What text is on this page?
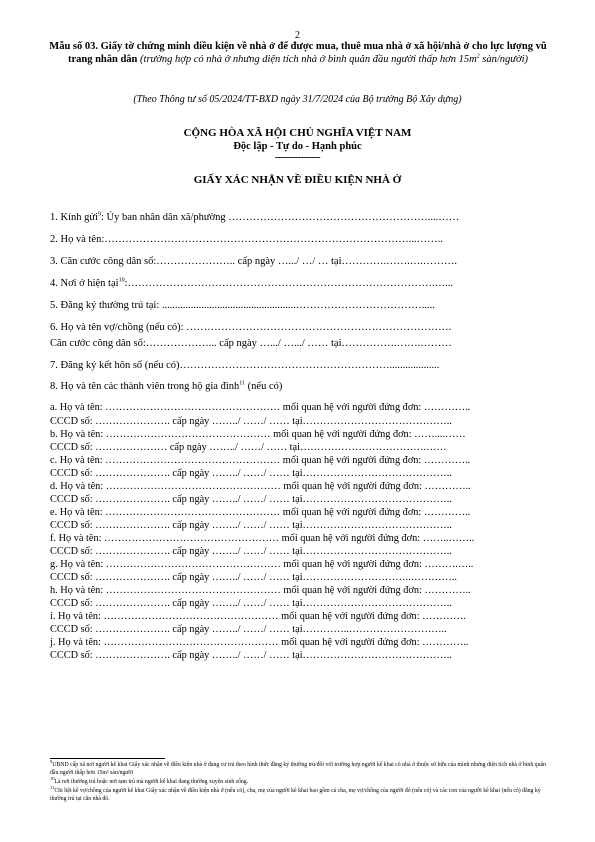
2
Mẫu số 03. Giấy tờ chứng minh điều kiện về nhà ở để được mua, thuê mua nhà ở xã hội/nhà ở cho lực lượng vũ trang nhân dân (trường hợp có nhà ở nhưng diện tích nhà ở bình quân đầu người thấp hơn $15m^2$ sàn/người)
(Theo Thông tư số 05/2024/TT-BXD ngày 31/7/2024 của Bộ trưởng Bộ Xây dựng)
CỘNG HÒA XÃ HỘI CHỦ NGHĨA VIỆT NAM
Độc lập - Tự do - Hạnh phúc
----------------
GIẤY XÁC NHẬN VỀ ĐIỀU KIỆN NHÀ Ở
1. Kính gửi$^9$: Ủy ban nhân dân xã/phường …………………………………………………....……
2. Họ và tên:……………………………………………………………………………...……..
3. Căn cước công dân số:………………….. cấp ngày ….../ …/ … tại………….…….….……….
4. Nơi ở hiện tại$^{10}$:…………………………………………………………………………….…...
5. Đăng ký thường trú tại: ...................................................……………………………….....
6. Họ và tên vợ/chồng (nếu có): ………………………………………………………………….
Căn cước công dân số:………………... cấp ngày ….../ ….../ …… tại…………….…….………
7. Đăng ký kết hôn số (nếu có)……………………………………………………...................
8. Họ và tên các thành viên trong hộ gia đình$^{11}$ (nếu có)
a. Họ và tên: …………………………………………… mối quan hệ với người đứng đơn: …………..
CCCD số: …………………. cấp ngày ……../ ……/ …… tại……………………………………..
b. Họ và tên: ………………………………………… mối quan hệ với người đứng đơn: ……....……
CCCD số: ………………… cấp ngày ……../ ……/ …… tại……………………………….……
c. Họ và tên: …………………………………………… mối quan hệ với người đứng đơn: …………..
CCCD số: …………………. cấp ngày ……../ ……/ …… tại……………………………………..
d. Họ và tên: …………………………………………… mối quan hệ với người đứng đơn: …………..
CCCD số: …………………. cấp ngày ……../ ……/ …… tại……………………………………..
e. Họ và tên: …………………………………………… mối quan hệ với người đứng đơn: …………..
CCCD số: …………………. cấp ngày ……../ ……/ …… tại……………………………………..
f. Họ và tên: …………………………………………… mối quan hệ với người đứng đơn: ……..……..
CCCD số: …………………. cấp ngày ……../ ……/ …… tại……………………………………..
g. Họ và tên: …………………………………………… mối quan hệ với người đứng đơn: ……….…..
CCCD số: …………………. cấp ngày ……../ ……/ …… tại…………………………..…………..
h. Họ và tên: …………………………………………… mối quan hệ với người đứng đơn: …………..
CCCD số: …………………. cấp ngày ……../ ……/ …… tại……………………………………..
i. Họ và tên: …………………………………………… mối quan hệ với người đứng đơn: ………….
CCCD số: …………………. cấp ngày ……../ ……/ …… tại…………..………………………..
j. Họ và tên: …………………………………………… mối quan hệ với người đứng đơn: …………..
CCCD số: …………………. cấp ngày ……../ ……/ …… tại……………………………………..
$^9$UBND cấp xã nơi người kê khai Giấy xác nhận về điều kiện nhà ở đang cư trú theo hình thức đăng ký thường trú/đối với trường hợp người kê khai có nhà ở thuộc sở hữu của mình nhưng diện tích nhà ở bình quân đầu người thấp hơn 15m² sàn/người
$^{10}$Là nơi thường trú hoặc nơi tạm trú mà người kê khai đang thường xuyên sinh sống.
$^{11}$Chi liệt kê vợ/chồng của người kê khai Giấy xác nhận về điều kiện nhà ở (nếu có), cha, mẹ của người kê khai bao gồm cả cha, mẹ vợ/chồng của người đó (nếu có) và các con của người kê khai (nếu có) đăng ký thường trú tại căn nhà đó.
